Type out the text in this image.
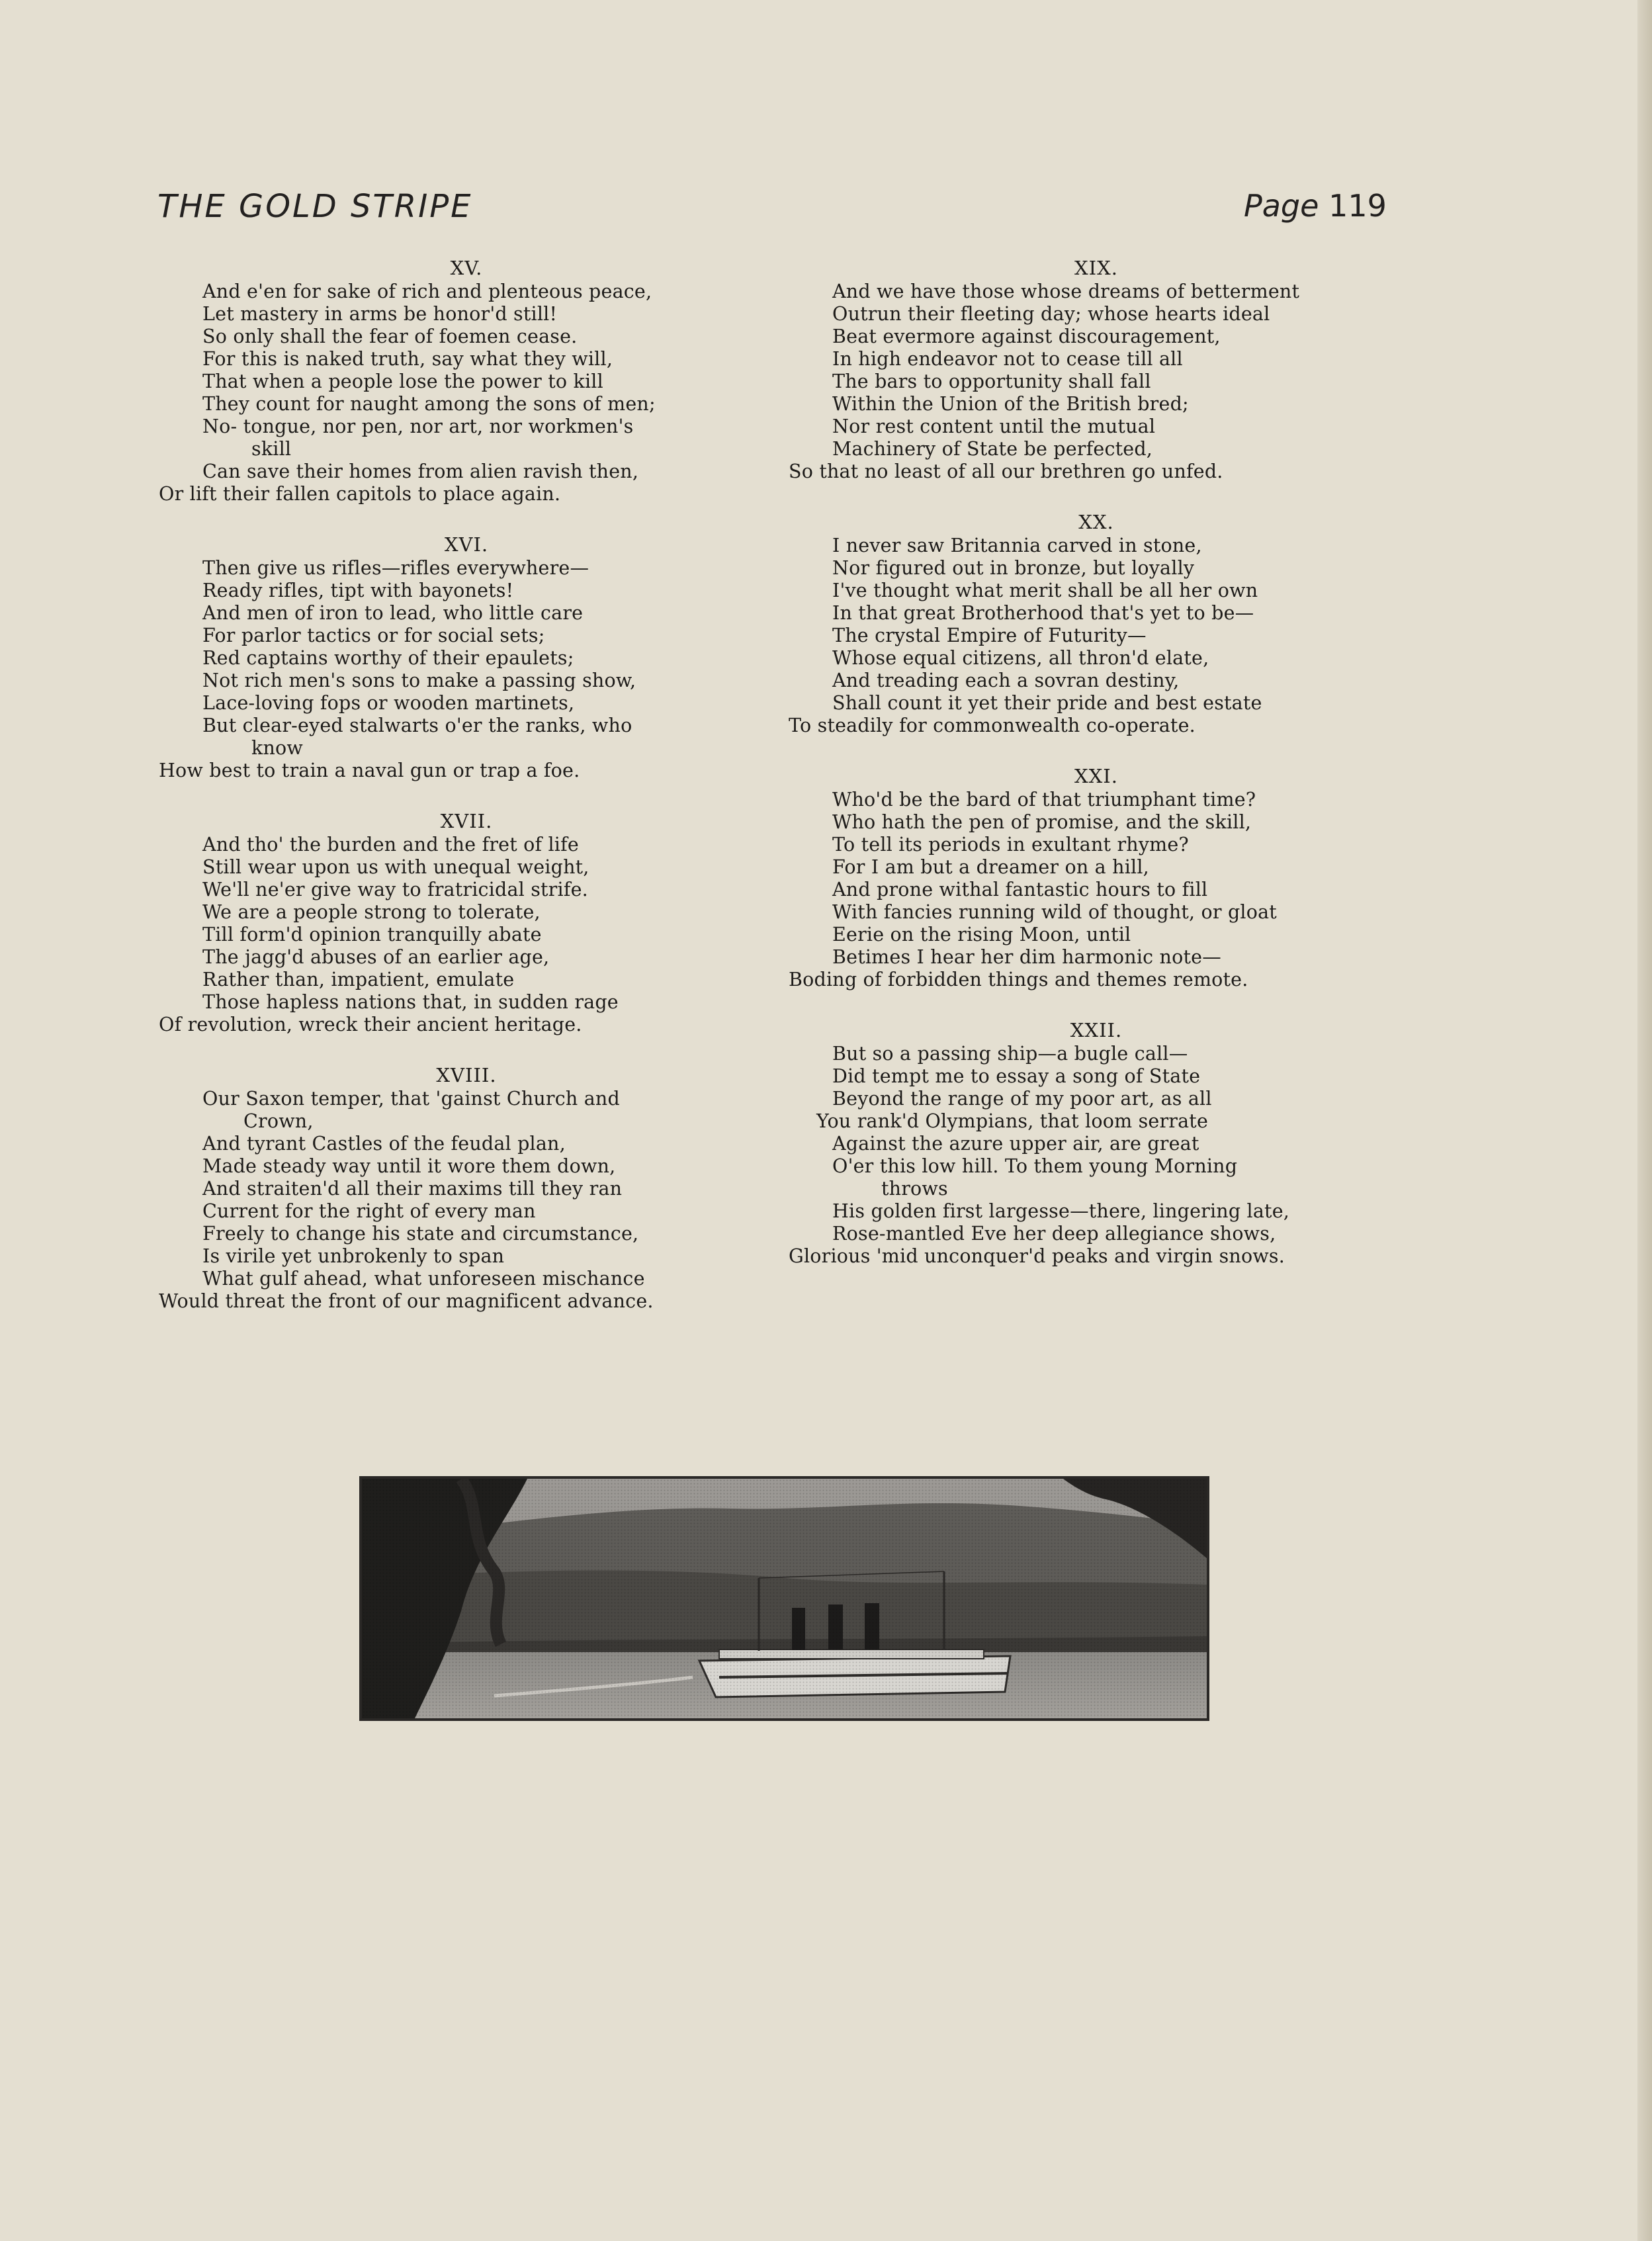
THE GOLD STRIPE	Page 119
XV.
And e'en for sake of rich and plenteous peace,
Let mastery in arms be honor'd still!
So only shall the fear of foemen cease.
For this is naked truth, say what they will,
That when a people lose the power to kill
They count for naught among the sons of men;
No- tongue, nor pen, nor art, nor workmen's
skill
Can save their homes from alien ravish then,
Or lift their fallen capitols to place again.
XVI.
Then give us rifles—rifles everywhere—
Ready rifles, tipt with bayonets!
And men of iron to lead, who little care
For parlor tactics or for social sets;
Red captains worthy of their epaulets;
Not rich men's sons to make a passing show,
Lace-loving fops or wooden martinets,
But clear-eyed stalwarts o'er the ranks, who
know
How best to train a naval gun or trap a foe.
XVII.
And tho' the burden and the fret of life
Still wear upon us with unequal weight,
We'll ne'er give way to fratricidal strife.
We are a people strong to tolerate,
Till form'd opinion tranquilly abate
The jagg'd abuses of an earlier age,
Rather than, impatient, emulate
Those hapless nations that, in sudden rage
Of revolution, wreck their ancient heritage.
XVIII.
Our Saxon temper, that 'gainst Church and
Crown,
And tyrant Castles of the feudal plan,
Made steady way until it wore them down,
And straiten'd all their maxims till they ran
Current for the right of every man
Freely to change his state and circumstance,
Is virile yet unbrokenly to span
What gulf ahead, what unforeseen mischance
Would threat the front of our magnificent advance.
XIX.
And we have those whose dreams of betterment
Outrun their fleeting day; whose hearts ideal
Beat evermore against discouragement,
In high endeavor not to cease till all
The bars to opportunity shall fall
Within the Union of the British bred;
Nor rest content until the mutual
Machinery of State be perfected,
So that no least of all our brethren go unfed.
XX.
I never saw Britannia carved in stone,
Nor figured out in bronze, but loyally
I've thought what merit shall be all her own
In that great Brotherhood that's yet to be—
The crystal Empire of Futurity—
Whose equal citizens, all thron'd elate,
And treading each a sovran destiny,
Shall count it yet their pride and best estate
To steadily for commonwealth co-operate.
XXI.
Who'd be the bard of that triumphant time?
Who hath the pen of promise, and the skill,
To tell its periods in exultant rhyme?
For I am but a dreamer on a hill,
And prone withal fantastic hours to fill
With fancies running wild of thought, or gloat
Eerie on the rising Moon, until
Betimes I hear her dim harmonic note—
Boding of forbidden things and themes remote.
XXII.
But so a passing ship—a bugle call—
Did tempt me to essay a song of State
Beyond the range of my poor art, as all
You rank'd Olympians, that loom serrate
Against the azure upper air, are great
O'er this low hill. To them young Morning
throws
His golden first largesse—there, lingering late,
Rose-mantled Eve her deep allegiance shows,
Glorious 'mid unconquer'd peaks and virgin snows.
